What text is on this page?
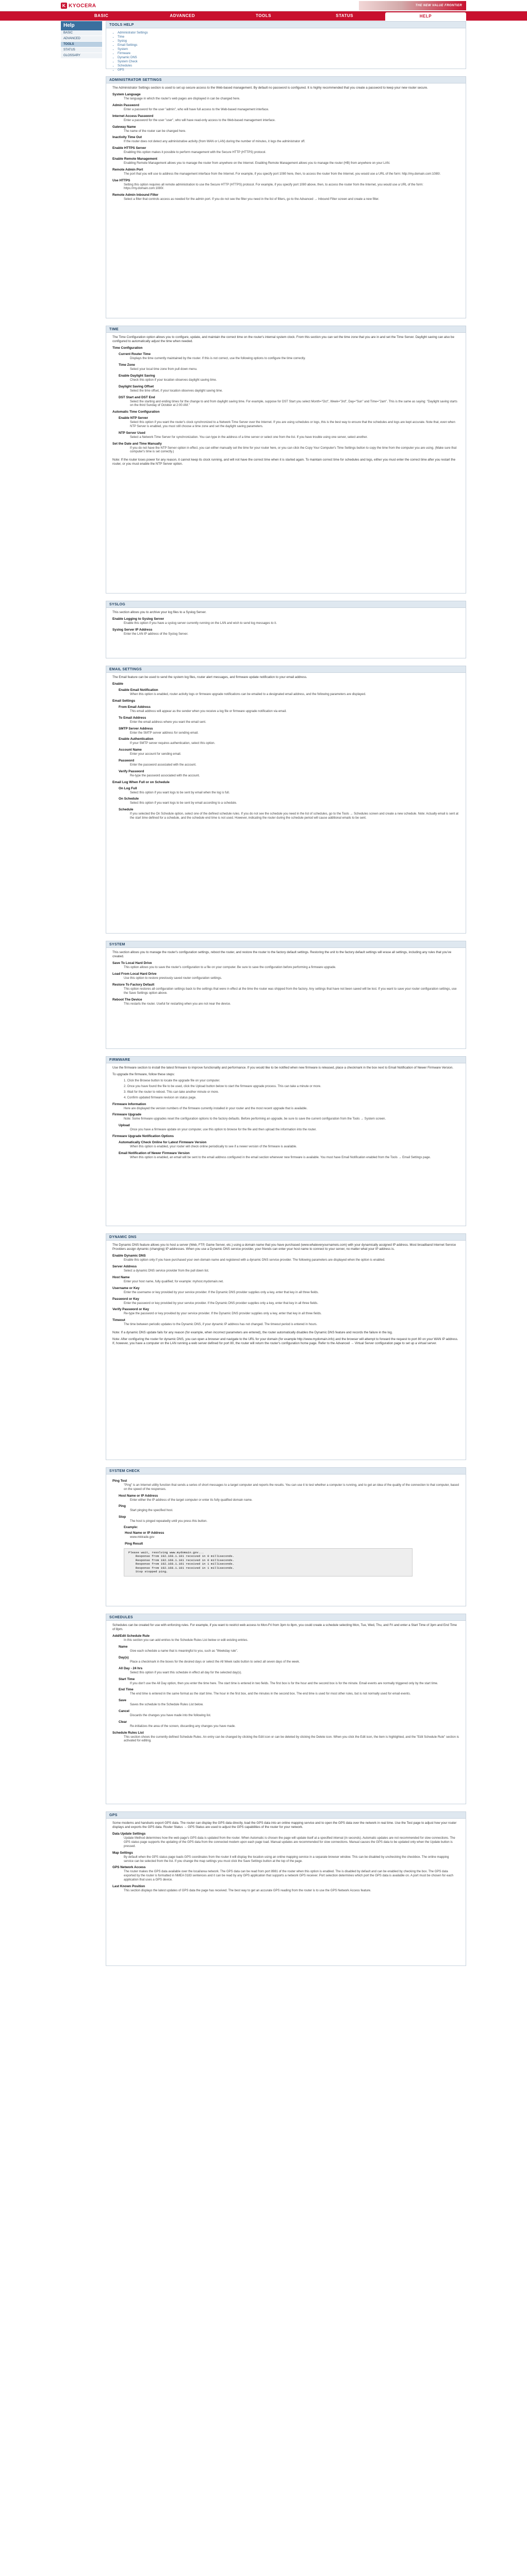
K KYOCERA	THE NEW VALUE FRONTIER
BASIC	ADVANCED	TOOLS	STATUS	HELP
Help
BASIC
ADVANCED
TOOLS
STATUS
GLOSSARY
TOOLS HELP
▪ Administrator Settings
▪ Time
▪ Syslog
▪ Email Settings
▪ System
▪ Firmware
▪ Dynamic DNS
▪ System Check
▪ Schedules
▪ GPS
ADMINISTRATOR SETTINGS

The Administrator Settings section is used to set up secure access to the Web-based management. By default no password is configured. It is highly recommended that you create a password to keep your new router secure.

System Language

The language in which the router's web pages are displayed in can be changed here.

Admin Password

Enter a password for the user "admin", who will have full access to the Web-based management interface.

Internet Access Password

Enter a password for the user "user", who will have read-only access to the Web-based management interface.

Gateway Name

The name of the router can be changed here.

Inactivity Time Out

If the router does not detect any administrative activity (from WAN or LAN) during the number of minutes, it logs the administrator off.

Enable HTTPS Server

Enabling this option makes it possible to perform management with the Secure HTTP (HTTPS) protocol.

Enable Remote Management

Enabling Remote Management allows you to manage the router from anywhere on the Internet. Enabling Remote Management allows you to manage the router (HB) from anywhere on your LAN.

Remote Admin Port

The port that you will use to address the management interface from the Internet. For example, if you specify port 1080 here, then, to access the router from the Internet, you would use a URL of the form: http://my.domain.com:1080/.

Use HTTPS

Setting this option requires all remote administration to use the Secure HTTP (HTTPS) protocol. For example, if you specify port 1080 above, then, to access the router from the Internet, you would use a URL of the form: https://my.domain.com:1080/.

Remote Admin Inbound Filter

Select a filter that controls access as needed for the admin port. If you do not see the filter you need in the list of filters, go to the Advanced → Inbound Filter screen and create a new filter.

TIME

The Time Configuration option allows you to configure, update, and maintain the correct time on the router's internal system clock. From this section you can set the time zone that you are in and set the Time Server. Daylight saving can also be configured to automatically adjust the time when needed.

Time Configuration
Current Router Time

Displays the time currently maintained by the router. If this is not correct, use the following options to configure the time correctly.

Time Zone

Select your local time zone from pull down menu.

Enable Daylight Saving

Check this option if your location observes daylight saving time.

Daylight Saving Offset

Select the time offset, if your location observes daylight saving time.

DST Start and DST End

Select the starting and ending times for the change to and from daylight saving time. For example, suppose for DST Start you select Month="Oct", Week="3rd", Day="Sun" and Time="2am". This is the same as saying: "Daylight saving starts on the third Sunday of October at 2:00 AM."

Automatic Time Configuration
Enable NTP Server

Select this option if you want the router's clock synchronized to a Network Time Server over the Internet. If you are using schedules or logs, this is the best way to ensure that the schedules and logs are kept accurate. Note that, even when NTP Server is enabled, you must still choose a time zone and set the daylight saving parameters.

NTP Server Used

Select a Network Time Server for synchronization. You can type in the address of a time server or select one from the list. If you have trouble using one server, select another.

Set the Date and Time Manually

If you do not have the NTP Server option in effect, you can either manually set the time for your router here, or you can click the Copy Your Computer's Time Settings button to copy the time from the computer you are using. (Make sure that computer's time is set correctly.)

Note: If the router loses power for any reason, it cannot keep its clock running, and will not have the correct time when it is started again. To maintain correct time for schedules and logs, either you must enter the correct time after you restart the router, or you must enable the NTP Server option.

SYSLOG

This section allows you to archive your log files to a Syslog Server.

Enable Logging to Syslog Server

Enable this option if you have a syslog server currently running on the LAN and wish to send log messages to it.

Syslog Server IP Address

Enter the LAN IP address of the Syslog Server.

EMAIL SETTINGS

The Email feature can be used to send the system log files, router alert messages, and firmware update notification to your email address.

Enable
Enable Email Notification

When this option is enabled, router activity logs or firmware upgrade notifications can be emailed to a designated email address, and the following parameters are displayed.

Email Settings
From Email Address

This email address will appear as the sender when you receive a log file or firmware upgrade notification via email.

To Email Address

Enter the email address where you want the email sent.

SMTP Server Address

Enter the SMTP server address for sending email.

Enable Authentication

If your SMTP server requires authentication, select this option.

Account Name

Enter your account for sending email.

Password

Enter the password associated with the account.

Verify Password

Re-type the password associated with the account.

Email Log When Full or on Schedule
On Log Full

Select this option if you want logs to be sent by email when the log is full.

On Schedule

Select this option if you want logs to be sent by email according to a schedule.

Schedule

If you selected the On Schedule option, select one of the defined schedule rules. If you do not see the schedule you need in the list of schedules, go to the Tools → Schedules screen and create a new schedule. Note: Actually email is sent at the start time defined for a schedule, and the schedule end time is not used. However, indicating the router during the schedule period will cause additional emails to be sent.

SYSTEM

This section allows you to manage the router's configuration settings, reboot the router, and restore the router to the factory default settings. Restoring the unit to the factory default settings will erase all settings, including any rules that you've created.

Save To Local Hard Drive

This option allows you to save the router's configuration to a file on your computer. Be sure to save the configuration before performing a firmware upgrade.

Load From Local Hard Drive

Use this option to restore previously saved router configuration settings.

Restore To Factory Default

This option restores all configuration settings back to the settings that were in effect at the time the router was shipped from the factory. Any settings that have not been saved will be lost. If you want to save your router configuration settings, use the Save Settings option above.

Reboot The Device

This restarts the router. Useful for restarting when you are not near the device.

FIRMWARE

Use the firmware section to install the latest firmware to improve functionality and performance. If you would like to be notified when new firmware is released, place a checkmark in the box next to Email Notification of Newer Firmware Version.

To upgrade the firmware, follow these steps:

1. Click the Browse button to locate the upgrade file on your computer.

2. Once you have found the file to be used, click the Upload button below to start the firmware upgrade process. This can take a minute or more.

3. Wait for the router to reboot. This can take another minute or more.

4. Confirm updated firmware revision on status page.

Firmware Information

Here are displayed the version numbers of the firmware currently installed in your router and the most recent upgrade that is available.

Firmware Upgrade

Note: Some firmware upgrades reset the configuration options to the factory defaults. Before performing an upgrade, be sure to save the current configuration from the Tools → System screen.

Upload

Once you have a firmware update on your computer, use this option to browse for the file and then upload the information into the router.

Firmware Upgrade Notification Options
Automatically Check Online for Latest Firmware Version

When this option is enabled, your router will check online periodically to see if a newer version of the firmware is available.

Email Notification of Newer Firmware Version

When this option is enabled, an email will be sent to the email address configured in the email section whenever new firmware is available. You must have Email Notification enabled from the Tools → Email Settings page.

DYNAMIC DNS

The Dynamic DNS feature allows you to host a server (Web, FTP, Game Server, etc.) using a domain name that you have purchased (www.whateveryournameis.com) with your dynamically assigned IP address. Most broadband Internet Service Providers assign dynamic (changing) IP addresses. When you use a Dynamic DNS service provider, your friends can enter your host name to connect to your server, no matter what your IP address is.

Enable Dynamic DNS

Enable this option only if you have purchased your own domain name and registered with a dynamic DNS service provider. The following parameters are displayed when the option is enabled.

Server Address

Select a dynamic DNS service provider from the pull down list.

Host Name

Enter your host name, fully qualified; for example: myhost.mydomain.net.

Username or Key

Enter the username or key provided by your service provider. If the Dynamic DNS provider supplies only a key, enter that key in all three fields.

Password or Key

Enter the password or key provided by your service provider. If the Dynamic DNS provider supplies only a key, enter that key in all three fields.

Verify Password or Key

Re-type the password or key provided by your service provider. If the Dynamic DNS provider supplies only a key, enter that key in all three fields.

Timeout

The time between periodic updates to the Dynamic DNS, if your dynamic IP address has not changed. The timeout period is entered in hours.

Note: If a dynamic DNS update fails for any reason (for example, when incorrect parameters are entered), the router automatically disables the Dynamic DNS feature and records the failure in the log.

Note: After configuring the router for dynamic DNS, you can open a browser and navigate to the URL for your domain (for example http://www.mydomain.info) and the browser will attempt to forward the request to port 80 on your WAN IP address. If, however, you have a computer on the LAN running a web server defined for port 80, the router will return the router's configuration home page. Refer to the Advanced → Virtual Server configuration page to set up a virtual server.

SYSTEM CHECK
Ping Test

"Ping" is an Internet utility function that sends a series of short messages to a target computer and reports the results. You can use it to test whether a computer is running, and to get an idea of the quality of the connection to that computer, based on the speed of the responses.

Host Name or IP Address

Enter either the IP address of the target computer or enter its fully qualified domain name.

Ping

Start pinging the specified host.

Stop

The host is pinged repeatedly until you press this button.

Example:
Host Name or IP Address

www.mktrade.gov

Ping Result
Please wait, resolving www.mydomain.gov...
Response from 192.168.1.101 received in 0 milliseconds.
Response from 192.168.1.101 received in 0 milliseconds.
Response from 192.168.1.101 received in 1 milliseconds.
Response from 192.168.1.101 received in 1 milliseconds.
Stop stopped ping.
SCHEDULES

Schedules can be created for use with enforcing rules. For example, if you want to restrict web access to Mon-Fri from 3pm to 8pm, you could create a schedule selecting Mon, Tue, Wed, Thu, and Fri and enter a Start Time of 3pm and End Time of 8pm.

Add/Edit Schedule Rule

In this section you can add entries to the Schedule Rules List below or edit existing entries.

Name

Give each schedule a name that is meaningful to you, such as "Weekday rule".

Day(s)

Place a checkmark in the boxes for the desired days or select the All Week radio button to select all seven days of the week.

All Day - 24 hrs

Select this option if you want this schedule in effect all day for the selected day(s).

Start Time

If you don't use the All Day option, then you enter the time here. The start time is entered in two fields. The first box is for the hour and the second box is for the minute. Email events are normally triggered only by the start time.

End Time

The end time is entered in the same format as the start time. The hour in the first box, and the minutes in the second box. The end time is used for most other rules, but is not normally used for email events.

Save

Saves the schedule to the Schedule Rules List below.

Cancel

Discards the changes you have made into the following list.

Clear

Re-initializes the area of the screen, discarding any changes you have made.

Schedule Rules List

This section shows the currently defined Schedule Rules. An entry can be changed by clicking the Edit icon or can be deleted by clicking the Delete icon. When you click the Edit icon, the item is highlighted, and the "Edit Schedule Rule" section is activated for editing.

GPS

Some modems and handsets export GPS data. The router can display the GPS data directly, load the GPS data into an online mapping service and to open the GPS data over the network in real time. Use the Test page to adjust how your router displays and exports the GPS data. Router Status → GPS Status are used to adjust the GPS capabilities of the router for your network.

Data Update Settings

Update Method determines how the web page's GPS data is updated from the router. When Automatic is chosen the page will update itself at a specified interval (in seconds). Automatic updates are not recommended for slow connections. The GPS status page supports the updating of the GPS data from the connected modem upon each page load. Manual updates are recommended for slow connections. Manual causes the GPS data to be updated only when the Update button is pressed.

Map Settings

By default when the GPS status page loads GPS coordinates from the router it will display the location using an online mapping service in a separate browser window. This can be disabled by unchecking the checkbox. The online mapping service can be selected from the list. If you change the map settings you must click the Save Settings button at the top of the page.

GPS Network Access

The router makes the GPS data available over the local/area network. The GPS data can be read from port 8981 of the router when this option is enabled. The is disabled by default and can be enabled by checking the box. The GPS data exported by the router is formatted in NMEA 0183 sentences and it can be read by any GPS application that supports a network GPS receiver. Port selection determines which port the GPS data is available on. A port must be chosen for each application that uses a GPS device.

Last Known Position

This section displays the latest updates of GPS data the page has received. The best way to get an accurate GPS reading from the router is to use the GPS Network Access feature.
